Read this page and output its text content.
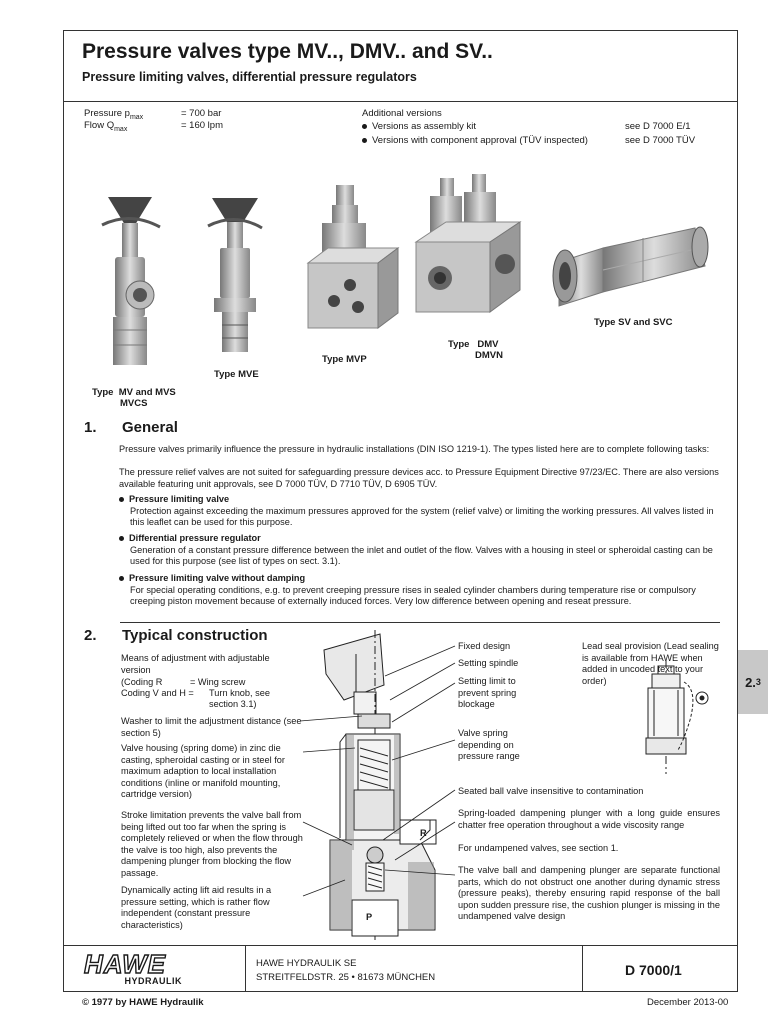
Pressure valves type MV.., DMV.. and SV..
Pressure limiting valves, differential pressure regulators
Pressure $p_{max}$	= 700 bar
Flow $Q_{max}$	= 160 lpm
Additional versions
Versions as assembly kit	see D 7000 E/1
Versions with component approval (TÜV inspected)	see D 7000 TÜV
Type MV and MVS
MVCS
Type MVE
Type MVP
Type DMV
DMVN
Type SV and SVC
1. General
Pressure valves primarily influence the pressure in hydraulic installations (DIN ISO 1219-1). The types listed here are to complete following tasks:
The pressure relief valves are not suited for safeguarding pressure devices acc. to Pressure Equipment Directive 97/23/EC. There are also versions available featuring unit approvals, see D 7000 TÜV, D 7710 TÜV, D 6905 TÜV.
Pressure limiting valve
Protection against exceeding the maximum pressures approved for the system (relief valve) or limiting the working pressures. All valves listed in this leaflet can be used for this purpose.
Differential pressure regulator
Generation of a constant pressure difference between the inlet and outlet of the flow. Valves with a housing in steel or spheroidal casting can be used for this purpose (see list of types on sect. 3.1).
Pressure limiting valve without damping
For special operating conditions, e.g. to prevent creeping pressure rises in sealed cylinder chambers during temperature rise or compulsory creeping piston movement because of externally induced forces. Very low difference between opening and reseat pressure.
2. Typical construction
Means of adjustment with adjustable
version
(Coding R	= Wing screw
Coding V and H = Turn knob, see
section 3.1)
Washer to limit the adjustment distance (see section 5)
Valve housing (spring dome) in zinc die casting, spheroidal casting or in steel for maximum adaption to local installation conditions (inline or manifold mounting, cartridge version)
Stroke limitation prevents the valve ball from being lifted out too far when the spring is completely relieved or when the flow through the valve is too high, also prevents the dampening plunger from blocking the flow passage.
Dynamically acting lift aid results in a pressure setting, which is rather flow independent (constant pressure characteristics)
R
P
Fixed design
Setting spindle
Setting limit to prevent spring blockage
Valve spring depending on pressure range
Seated ball valve insensitive to contamination
Spring-loaded dampening plunger with a long guide ensures chatter free operation throughout a wide viscosity range
For undampened valves, see section 1.
The valve ball and dampening plunger are separate functional parts, which do not obstruct one another during dynamic stress (pressure peaks), thereby ensuring rapid response of the ball upon sudden pressure rise, the cushion plunger is missing in the undampened valve design
Lead seal provision (Lead sealing is available from HAWE when added in uncoded text to your order)	2. 3
HAWE
HYDRAULIK
HAWE HYDRAULIK SE
STREITFELDSTR. 25 • 81673 MÜNCHEN	D 7000/1
© 1977 by HAWE Hydraulik	December 2013-00
